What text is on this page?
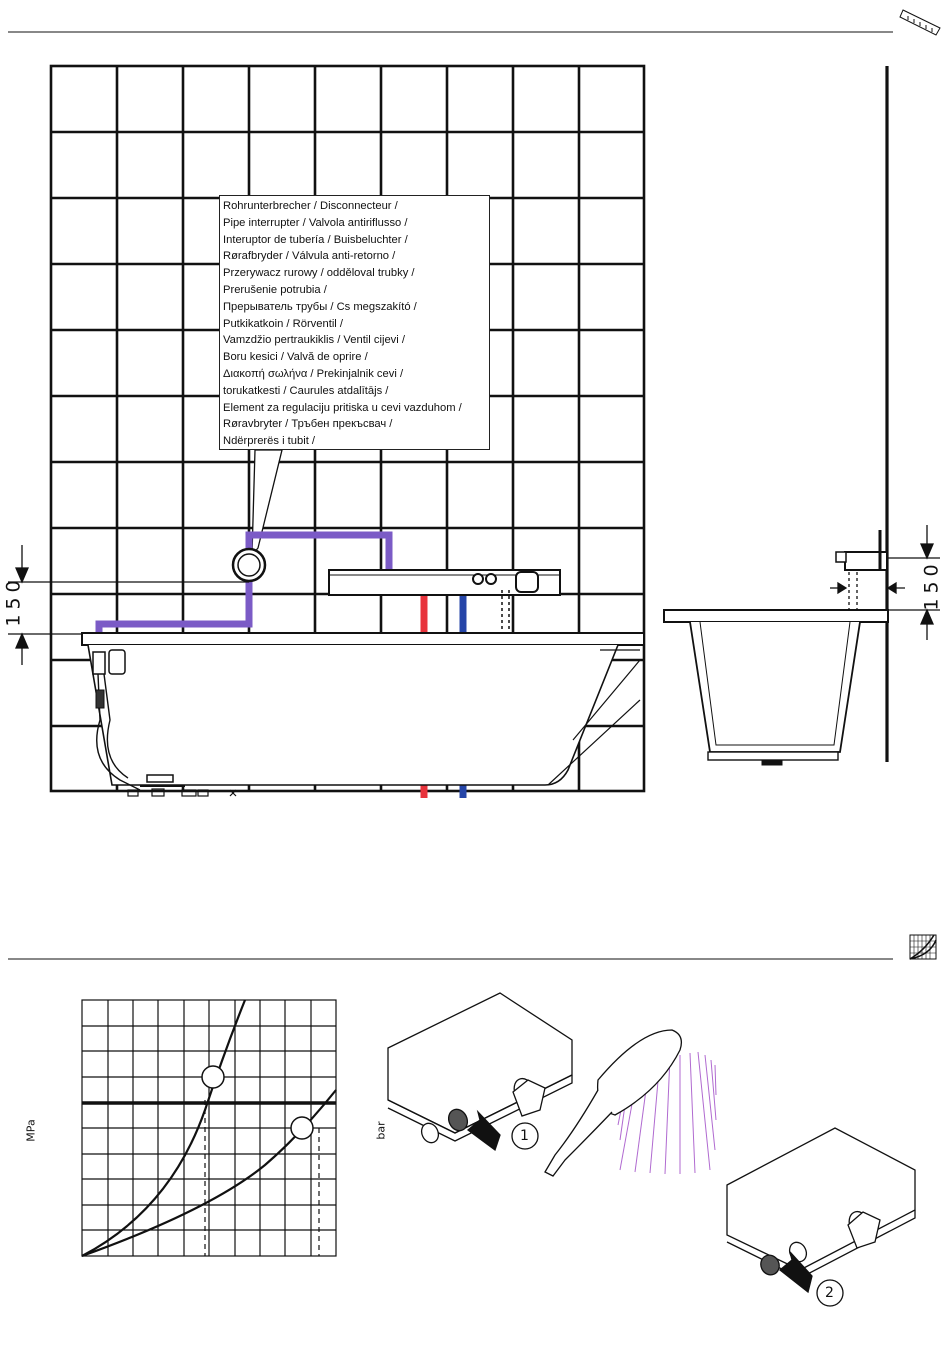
Rohrunterbrecher / Disconnecteur /
Pipe interrupter / Valvola antiriflusso /
Interuptor de tubería / Buisbeluchter /
Rørafbryder / Válvula anti-retorno /
Przerywacz rurowy / odděloval trubky /
Prerušenie potrubia /
Прерыватель трубы / Cs megszakító /
Putkikatkoin / Rörventil /
Vamzdžio pertraukiklis / Ventil cijevi /
Boru kesici / Valvă de oprire /
Διακοπή σωλήνα / Prekinjalnik cevi /
torukatkesti / Caurules atdalītājs /
Element za regulaciju pritiska u cevi vazduhom /
Røravbryter / Тръбен прекъсвач /
Ndërprerës i tubit /
150	150
MPa	bar	1
2
